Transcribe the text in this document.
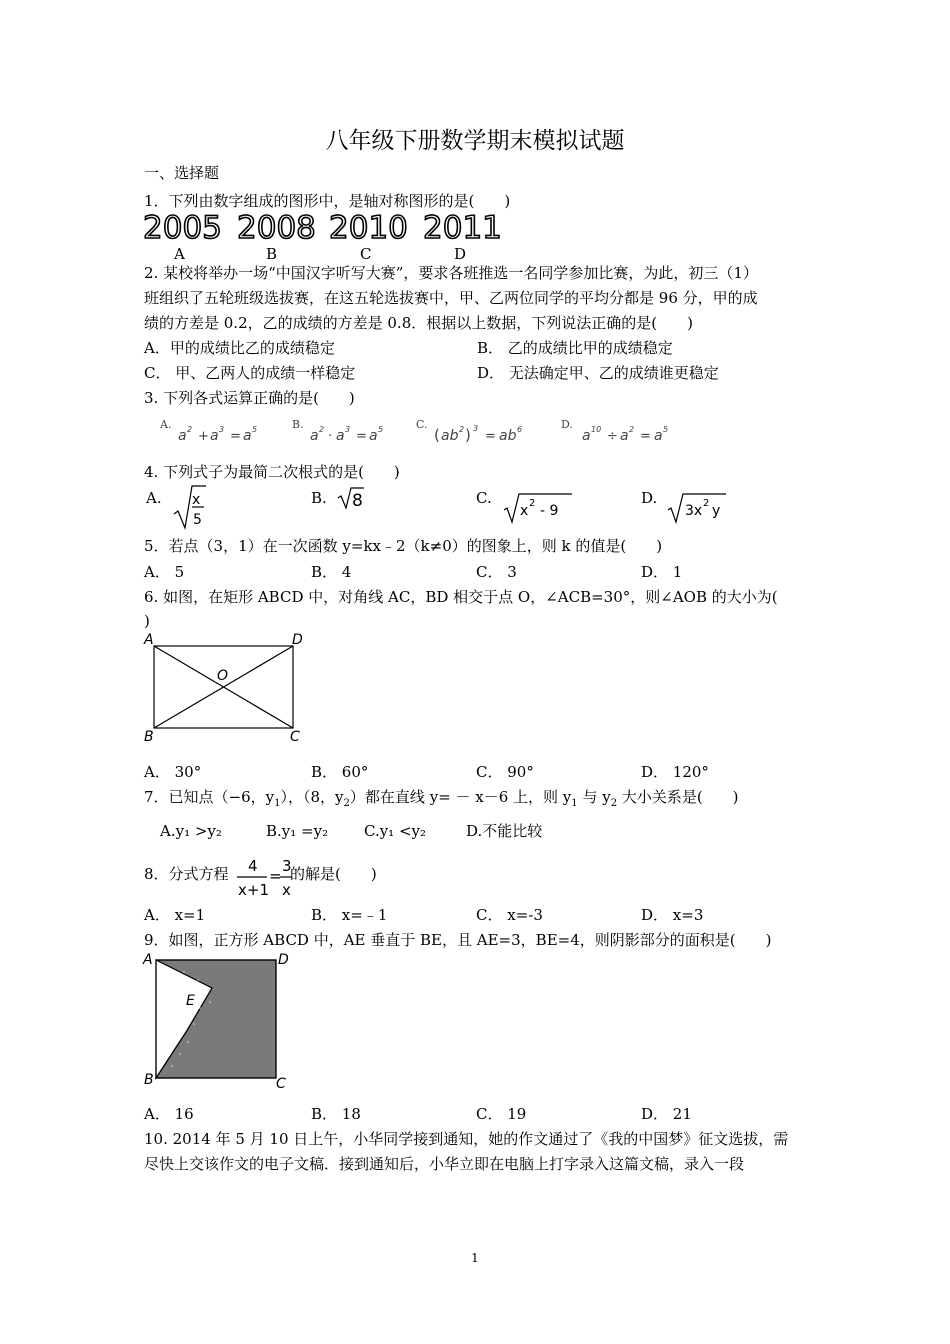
八年级下册数学期末模拟试题
一、选择题
1．下列由数字组成的图形中，是轴对称图形的是(　　)
2005 2008 2010 2011
A	B	C	D
2. 某校将举办一场“中国汉字听写大赛”，要求各班推选一名同学参加比赛，为此，初三（1）
班组织了五轮班级选拔赛，在这五轮选拔赛中，甲、乙两位同学的平均分都是 96 分，甲的成
绩的方差是 0.2，乙的成绩的方差是 0.8．根据以上数据，下列说法正确的是(　　)
A．甲的成绩比乙的成绩稳定	B． 乙的成绩比甲的成绩稳定
C． 甲、乙两人的成绩一样稳定	D． 无法确定甲、乙的成绩谁更稳定
3. 下列各式运算正确的是(　　)
A.	B.	C.	D.
a 2 + a 3 = a 5	a 2 · a 3 = a 5	( ab 2 ) 3
= ab 6	a 10 ÷ a 2 = a 5
4. 下列式子为最简二次根式的是(　　)
A.	B.	C.	D.
x
5
8	x 2 - 9	3x 2 y
5．若点（3，1）在一次函数 y=kx﹣2（k≠0）的图象上，则 k 的值是(　　)
A． 5	B． 4	C． 3	D． 1
6. 如图，在矩形 ABCD 中，对角线 AC，BD 相交于点 O，∠ACB=30°，则∠AOB 的大小为(
)
A	D
O
B	C
A． 30°	B． 60°	C． 90°	D． 120°
7．已知点（−6，$y_1$），（8，$y_2$）都在直线 y= － x－6 上，则 $y_1$ 与 $y_2$ 大小关系是(　　)
A.y₁ >y₂	B.y₁ =y₂ C.y₁ <y₂	D.不能比较
8．分式方程 4
x+1
=
3
x
的解是(　　)
A． x=1	B． x=﹣1	C． x=-3	D． x=3
9．如图，正方形 ABCD 中，AE 垂直于 BE，且 AE=3，BE=4，则阴影部分的面积是(　　)
A	D
E
B	C
A． 16	B． 18	C． 19	D． 21
10. 2014 年 5 月 10 日上午，小华同学接到通知，她的作文通过了《我的中国梦》征文选拔，需
尽快上交该作文的电子文稿．接到通知后，小华立即在电脑上打字录入这篇文稿，录入一段
1
